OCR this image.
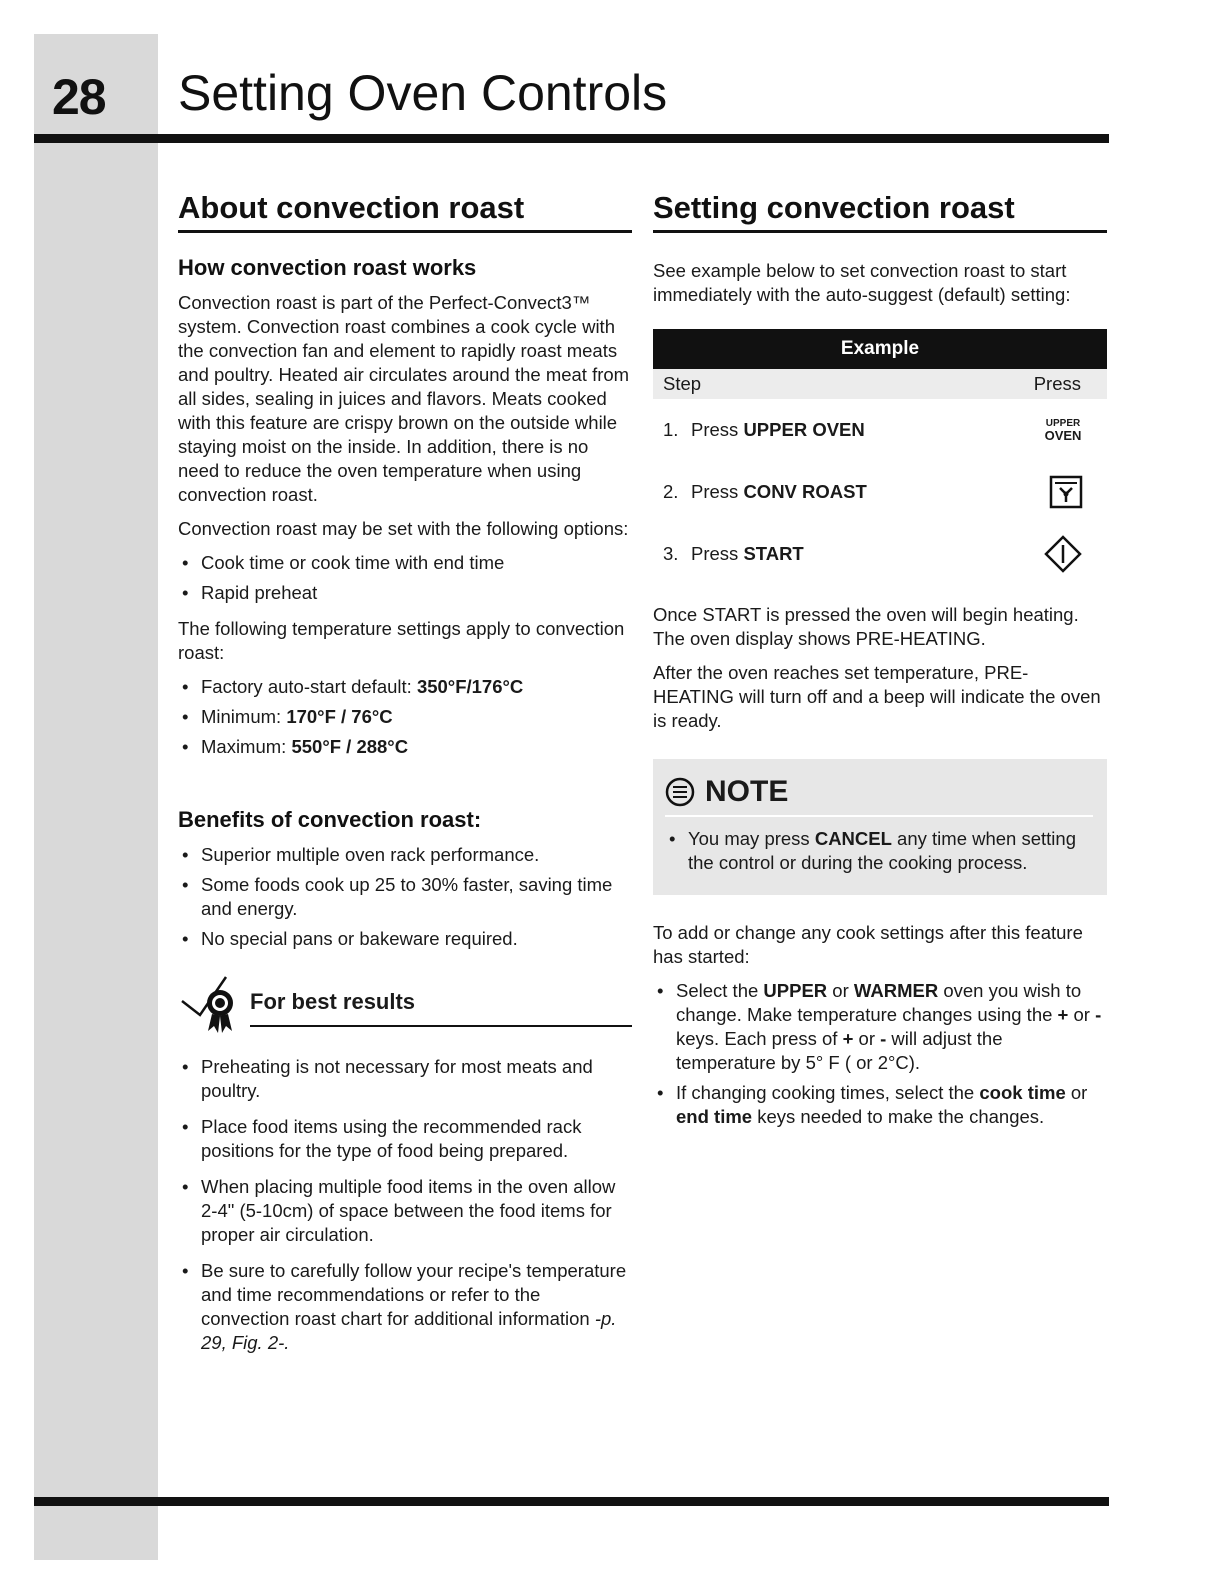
28 Setting Oven Controls
About convection roast
How convection roast works

Convection roast is part of the Perfect-Convect3™ system. Convection roast combines a cook cycle with the convection fan and element to rapidly roast meats and poultry. Heated air circulates around the meat from all sides, sealing in juices and flavors. Meats cooked with this feature are crispy brown on the outside while staying moist on the inside. In addition, there is no need to reduce the oven temperature when using convection roast.

Convection roast may be set with the following options:

• Cook time or cook time with end time
• Rapid preheat

The following temperature settings apply to convection roast:

• Factory auto-start default: 350°F/176°C
• Minimum: 170°F / 76°C
• Maximum: 550°F / 288°C
Benefits of convection roast:
• Superior multiple oven rack performance.
• Some foods cook up 25 to 30% faster, saving time and energy.
• No special pans or bakeware required.
For best results
• Preheating is not necessary for most meats and poultry.
• Place food items using the recommended rack positions for the type of food being prepared.
• When placing multiple food items in the oven allow 2-4" (5-10cm) of space between the food items for proper air circulation.
• Be sure to carefully follow your recipe's temperature and time recommendations or refer to the convection roast chart for additional information -p. 29, Fig. 2-.
Setting convection roast

See example below to set convection roast to start immediately with the auto-suggest (default) setting:

Example
Step	Press
1. Press UPPER OVEN	UPPER
OVEN
2. Press CONV ROAST
3. Press START

Once START is pressed the oven will begin heating. The oven display shows PRE-HEATING.

After the oven reaches set temperature, PRE-HEATING will turn off and a beep will indicate the oven is ready.

NOTE
• You may press CANCEL any time when setting the control or during the cooking process.

To add or change any cook settings after this feature has started:

• Select the UPPER or WARMER oven you wish to change. Make temperature changes using the + or - keys. Each press of + or - will adjust the temperature by 5° F ( or 2°C).
• If changing cooking times, select the cook time or end time keys needed to make the changes.
